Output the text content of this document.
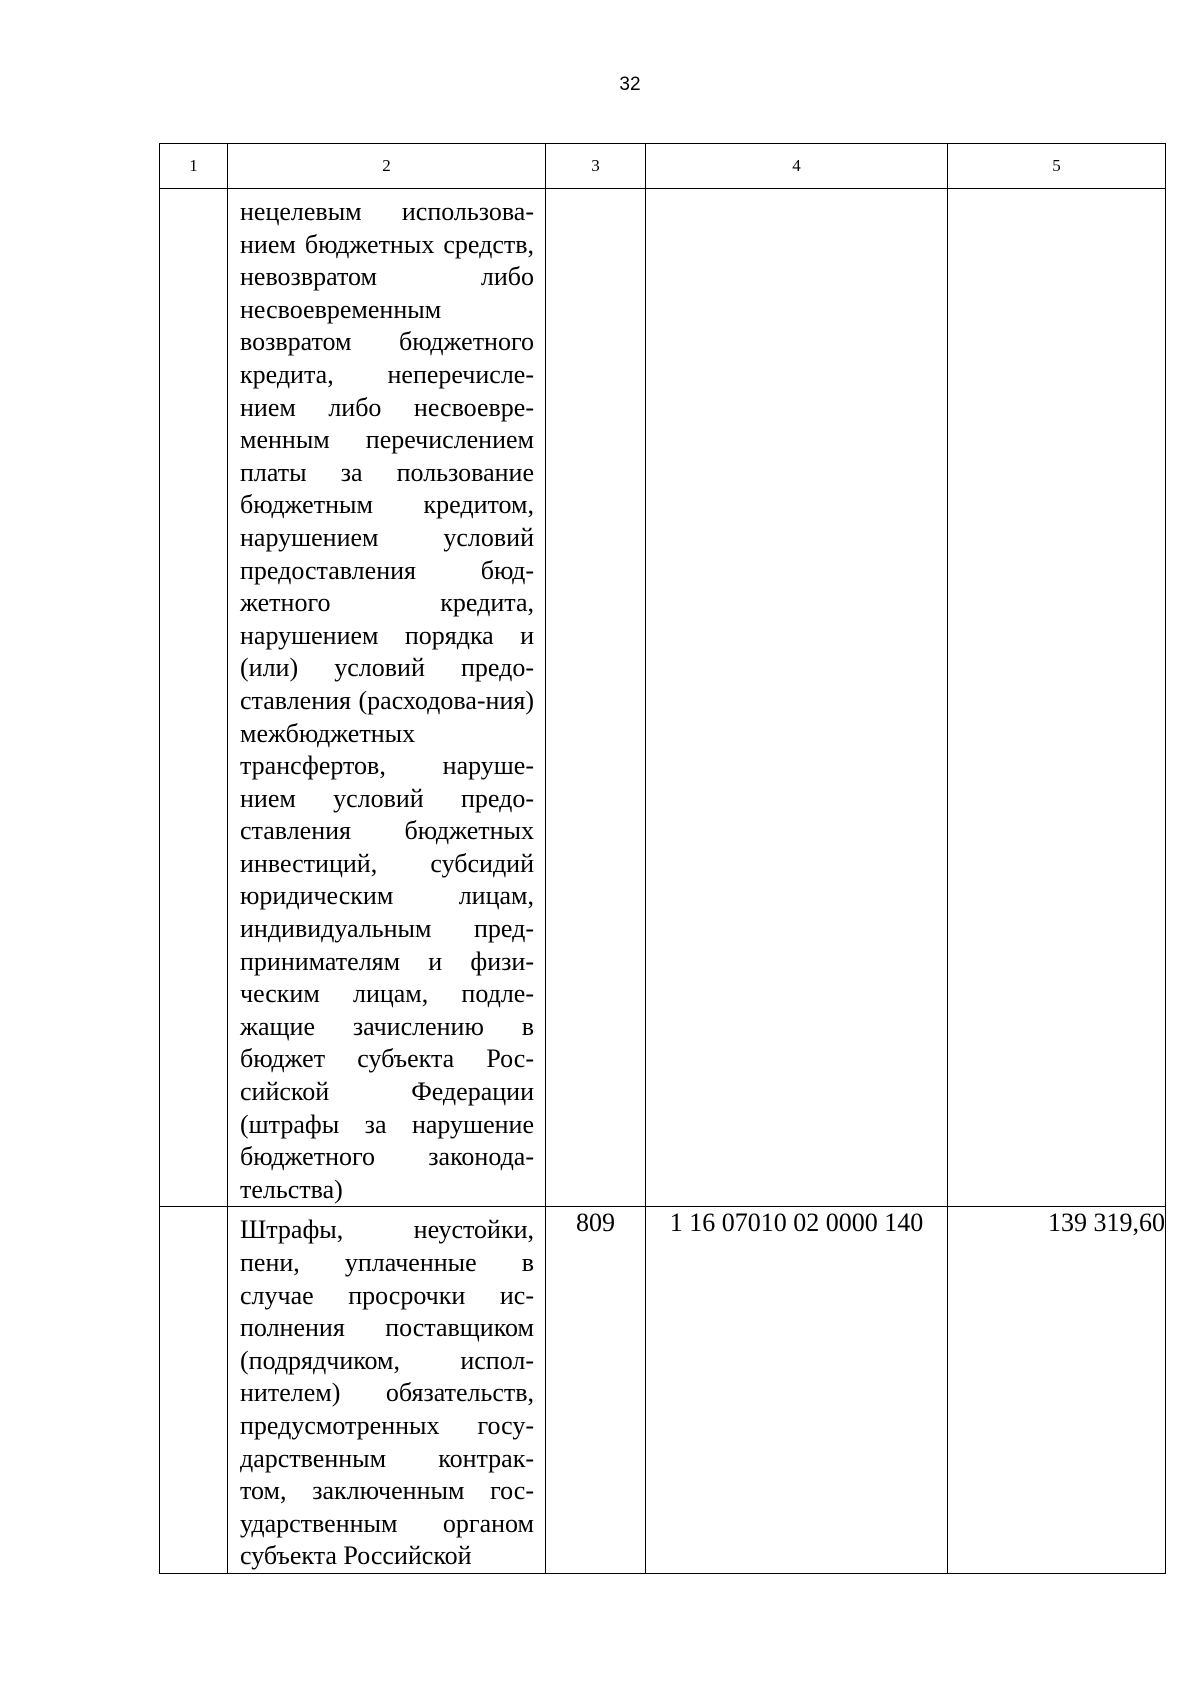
32
1	2	3	4	5

	нецелевым использова-нием бюджетных средств, невозвратом либо несвоевременным возвратом бюджетного кредита, неперечисле-нием либо несвоевре-менным перечислением платы за пользование бюджетным кредитом, нарушением условий предоставления бюд-жетного кредита, нарушением порядка и (или) условий предо-ставления (расходова-ния) межбюджетных трансфертов, наруше-нием условий предо-ставления бюджетных инвестиций, субсидий юридическим лицам, индивидуальным пред-принимателям и физи-ческим лицам, подле-жащие зачислению в бюджет субъекта Рос-сийской Федерации (штрафы за нарушение бюджетного законода-тельства)			

	Штрафы, неустойки, пени, уплаченные в случае просрочки ис-полнения поставщиком (подрядчиком, испол-нителем) обязательств, предусмотренных госу-дарственным контрак-том, заключенным гос-ударственным органом субъекта Российской	809	1 16 07010 02 0000 140	139 319,60
